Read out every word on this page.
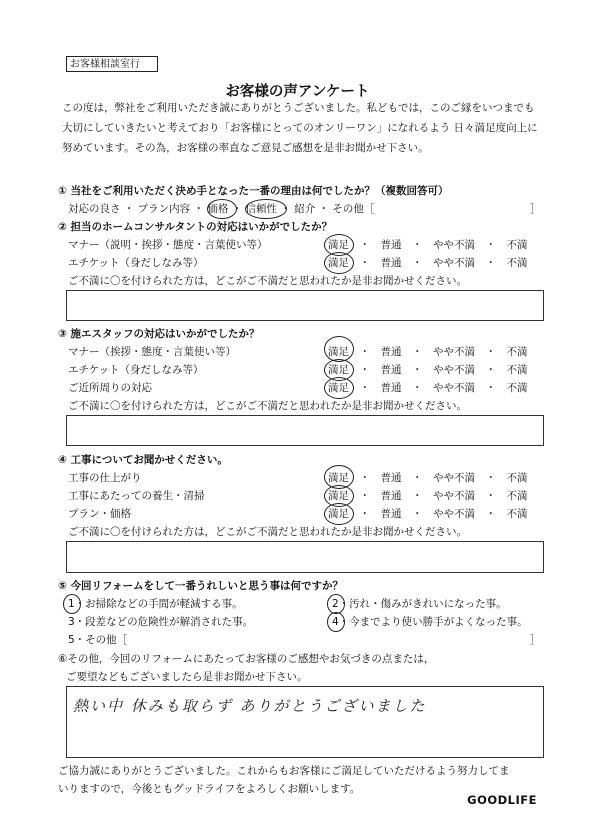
お客様相談室行
お客様の声アンケート
この度は，弊社をご利用いただき誠にありがとうございました。私どもでは，このご縁をいつまでも 大切にしていきたいと考えており「お客様にとってのオンリーワン」になれるよう 日々満足度向上に努めています。その為，お客様の率直なご意見ご感想を是非お聞かせ下さい。
① 当社をご利用いただく決め手となった一番の理由は何でしたか？（複数回答可）
対応の良さ ・ プラン内容 ・ 価格 ・ 信頼性 ・ 紹介 ・ その他［	］
② 担当のホームコンサルタントの対応はいかがでしたか？
マナー（説明・挨拶・態度・言葉使い等）	満足　・　普通　・　やや不満　・　不満
エチケット（身だしなみ等）	満足　・　普通　・　やや不満　・　不満
ご不満に〇を付けられた方は，どこがご不満だと思われたか是非お聞かせください。
③ 施エスタッフの対応はいかがでしたか？
マナー（挨拶・態度・言葉使い等）	満足　・　普通　・　やや不満　・　不満
エチケット（身だしなみ等）	満足　・　普通　・　やや不満　・　不満
ご近所周りの対応	満足　・　普通　・　やや不満　・　不満
ご不満に〇を付けられた方は，どこがご不満だと思われたか是非お聞かせください。
④ 工事についてお聞かせください。
工事の仕上がり	満足　・　普通　・　やや不満　・　不満
工事にあたっての養生・清掃	満足　・　普通　・　やや不満　・　不満
プラン・価格	満足　・　普通　・　やや不満　・　不満
ご不満に〇を付けられた方は，どこがご不満だと思われたか是非お聞かせください。
⑤ 今回リフォームをして一番うれしいと思う事は何ですか？
1・お掃除などの手間が軽減する事。	2・汚れ・傷みがきれいになった事。
3・段差などの危険性が解消された事。	4・今までより使い勝手がよくなった事。
5・その他［	］
⑥その他，今回のリフォームにあたってお客様のご感想やお気づきの点または，
ご要望などもございましたら是非お聞かせ下さい。
熱い中 休みも取らず ありがとうございました
ご協力誠にありがとうございました。これからもお客様にご満足していただけるよう努力してま
いりますので，今後ともグッドライフをよろしくお願いします。
GOODLIFE
